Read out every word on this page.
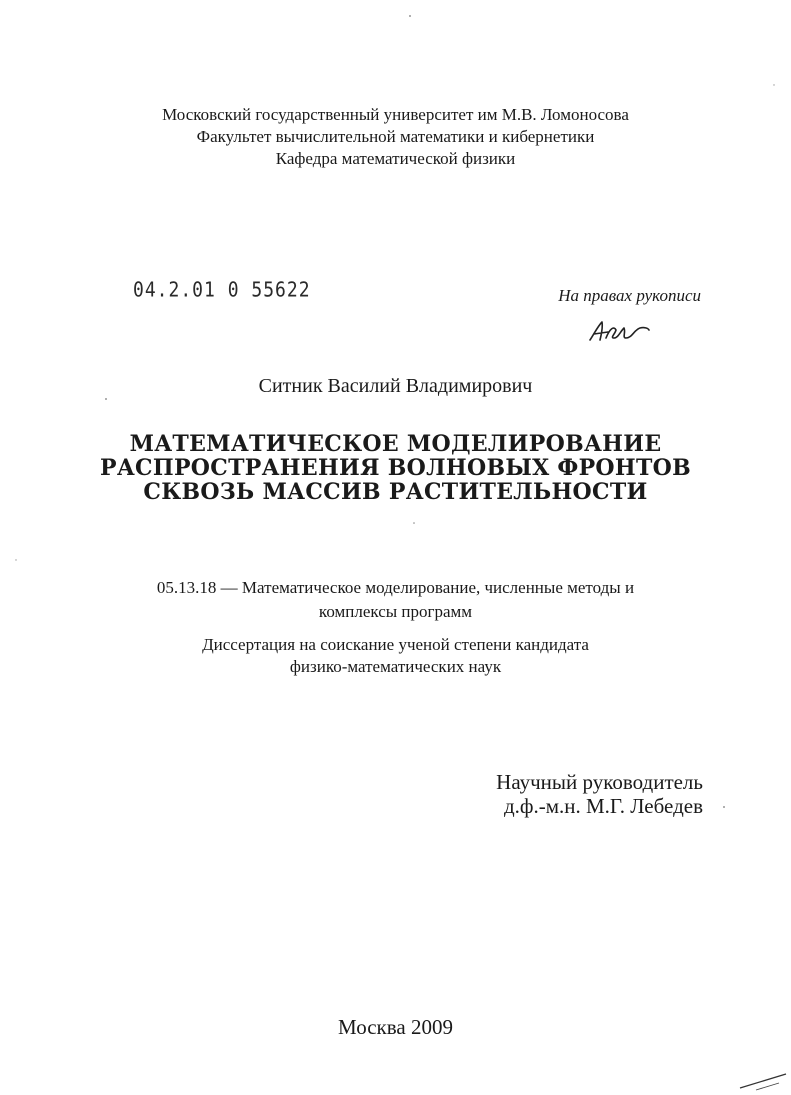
Московский государственный университет им М.В. Ломоносова
Факультет вычислительной математики и кибернетики
Кафедра математической физики
04.2.01 0 55622	На правах рукописи
Ситник Василий Владимирович
МАТЕМАТИЧЕСКОЕ МОДЕЛИРОВАНИЕ
РАСПРОСТРАНЕНИЯ ВОЛНОВЫХ ФРОНТОВ
СКВОЗЬ МАССИВ РАСТИТЕЛЬНОСТИ
05.13.18 — Математическое моделирование, численные методы и
комплексы программ
Диссертация на соискание ученой степени кандидата
физико-математических наук
Научный руководитель
д.ф.-м.н. М.Г. Лебедев
Москва 2009
